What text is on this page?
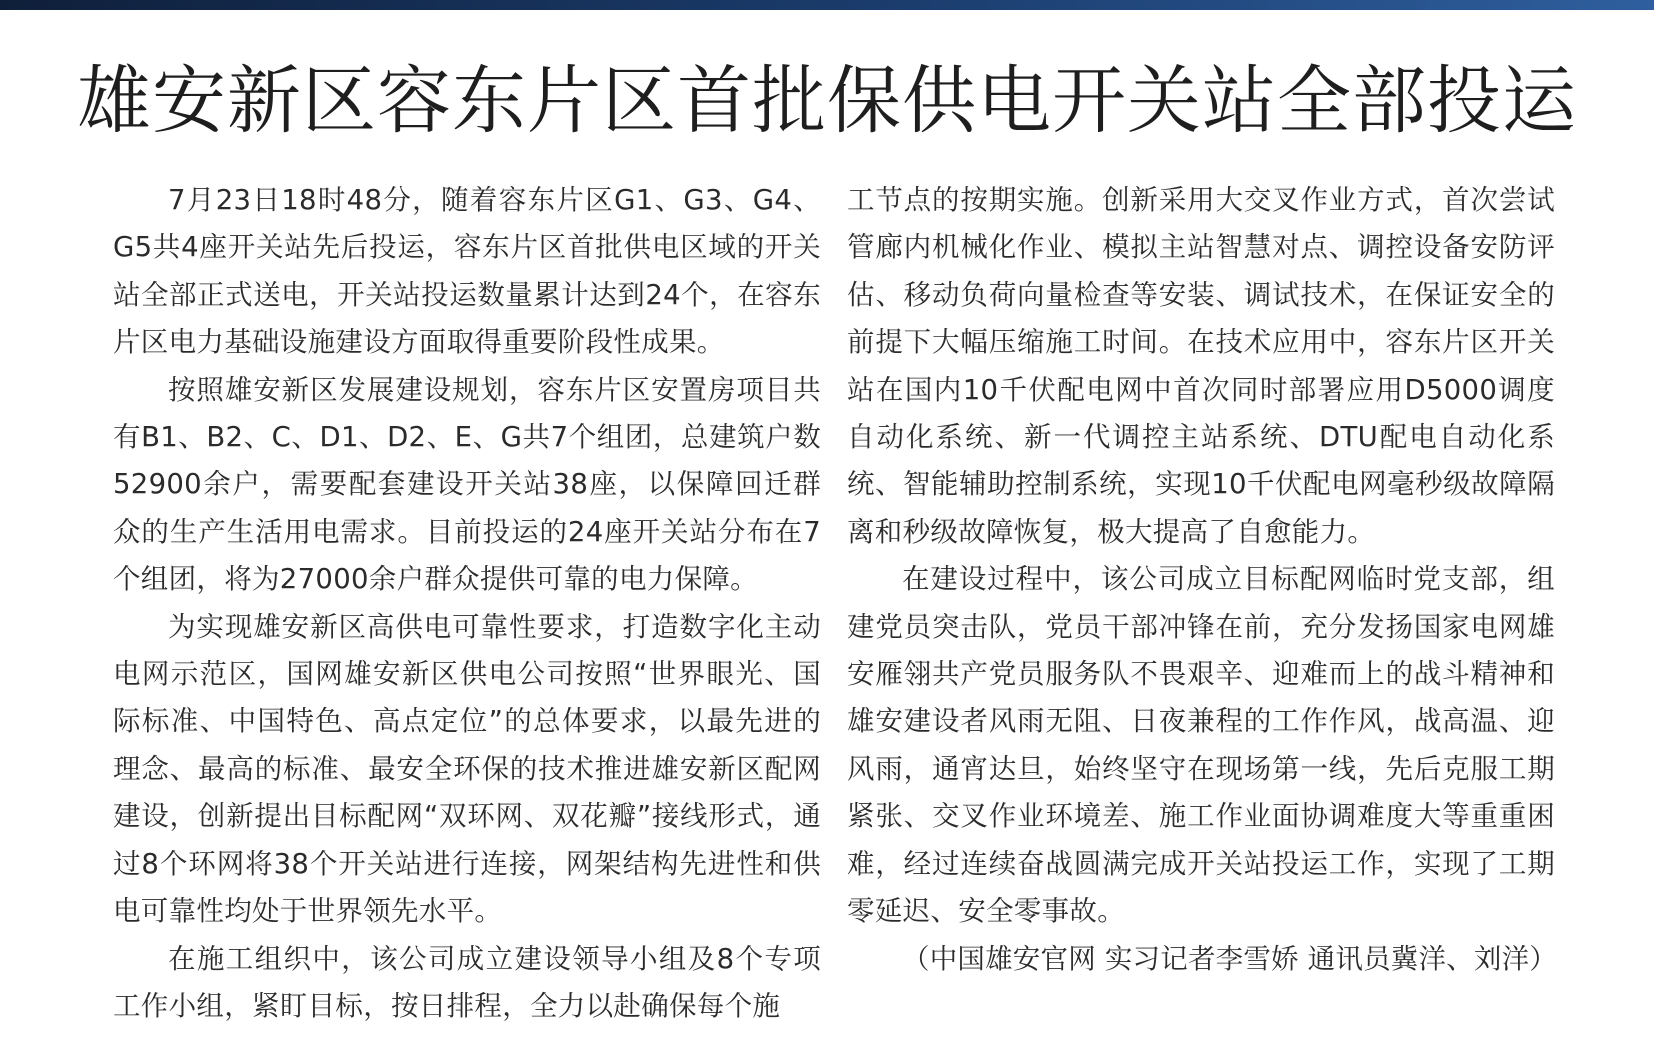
雄安新区容东片区首批保供电开关站全部投运

7月23日18时48分，随着容东片区G1、G3、G4、G5共4座开关站先后投运，容东片区首批供电区域的开关站全部正式送电，开关站投运数量累计达到24个，在容东片区电力基础设施建设方面取得重要阶段性成果。

按照雄安新区发展建设规划，容东片区安置房项目共有B1、B2、C、D1、D2、E、G共7个组团，总建筑户数52900余户，需要配套建设开关站38座，以保障回迁群众的生产生活用电需求。目前投运的24座开关站分布在7个组团，将为27000余户群众提供可靠的电力保障。

为实现雄安新区高供电可靠性要求，打造数字化主动电网示范区，国网雄安新区供电公司按照“世界眼光、国际标准、中国特色、高点定位”的总体要求，以最先进的理念、最高的标准、最安全环保的技术推进雄安新区配网建设，创新提出目标配网“双环网、双花瓣”接线形式，通过8个环网将38个开关站进行连接，网架结构先进性和供电可靠性均处于世界领先水平。

在施工组织中，该公司成立建设领导小组及8个专项工作小组，紧盯目标，按日排程，全力以赴确保每个施

工节点的按期实施。创新采用大交叉作业方式，首次尝试管廊内机械化作业、模拟主站智慧对点、调控设备安防评估、移动负荷向量检查等安装、调试技术，在保证安全的前提下大幅压缩施工时间。在技术应用中，容东片区开关站在国内10千伏配电网中首次同时部署应用D5000调度自动化系统、新一代调控主站系统、DTU配电自动化系统、智能辅助控制系统，实现10千伏配电网毫秒级故障隔离和秒级故障恢复，极大提高了自愈能力。

在建设过程中，该公司成立目标配网临时党支部，组建党员突击队，党员干部冲锋在前，充分发扬国家电网雄安雁翎共产党员服务队不畏艰辛、迎难而上的战斗精神和雄安建设者风雨无阻、日夜兼程的工作作风，战高温、迎风雨，通宵达旦，始终坚守在现场第一线，先后克服工期紧张、交叉作业环境差、施工作业面协调难度大等重重困难，经过连续奋战圆满完成开关站投运工作，实现了工期零延迟、安全零事故。

（中国雄安官网 实习记者李雪娇 通讯员冀洋、刘洋）
